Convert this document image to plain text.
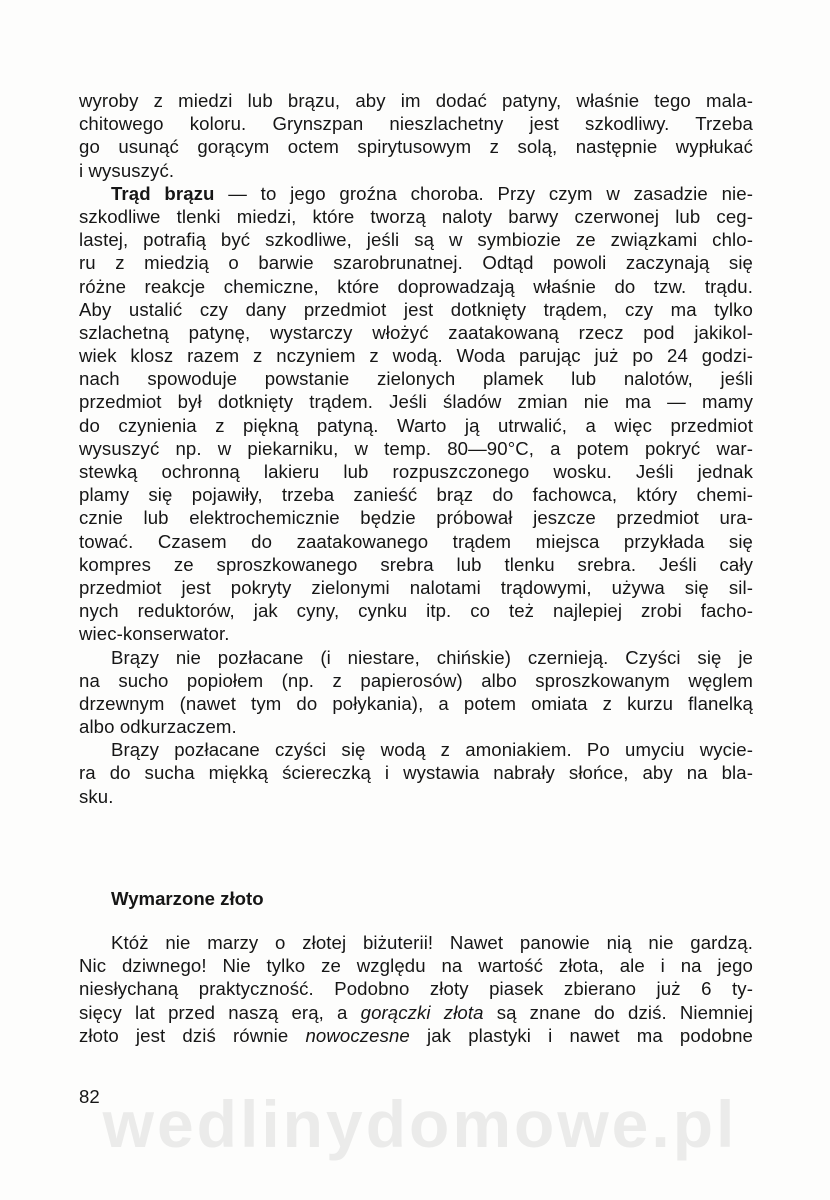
wyroby z miedzi lub brązu, aby im dodać patyny, właśnie tego mala-
chitowego koloru. Grynszpan nieszlachetny jest szkodliwy. Trzeba
go usunąć gorącym octem spirytusowym z solą, następnie wypłukać
i wysuszyć.
Trąd brązu — to jego groźna choroba. Przy czym w zasadzie nie-
szkodliwe tlenki miedzi, które tworzą naloty barwy czerwonej lub ceg-
lastej, potrafią być szkodliwe, jeśli są w symbiozie ze związkami chlo-
ru z miedzią o barwie szarobrunatnej. Odtąd powoli zaczynają się
różne reakcje chemiczne, które doprowadzają właśnie do tzw. trądu.
Aby ustalić czy dany przedmiot jest dotknięty trądem, czy ma tylko
szlachetną patynę, wystarczy włożyć zaatakowaną rzecz pod jakikol-
wiek klosz razem z nczyniem z wodą. Woda parując już po 24 godzi-
nach spowoduje powstanie zielonych plamek lub nalotów, jeśli
przedmiot był dotknięty trądem. Jeśli śladów zmian nie ma — mamy
do czynienia z piękną patyną. Warto ją utrwalić, a więc przedmiot
wysuszyć np. w piekarniku, w temp. 80—90°C, a potem pokryć war-
stewką ochronną lakieru lub rozpuszczonego wosku. Jeśli jednak
plamy się pojawiły, trzeba zanieść brąz do fachowca, który chemi-
cznie lub elektrochemicznie będzie próbował jeszcze przedmiot ura-
tować. Czasem do zaatakowanego trądem miejsca przykłada się
kompres ze sproszkowanego srebra lub tlenku srebra. Jeśli cały
przedmiot jest pokryty zielonymi nalotami trądowymi, używa się sil-
nych reduktorów, jak cyny, cynku itp. co też najlepiej zrobi facho-
wiec-konserwator.
Brązy nie pozłacane (i niestare, chińskie) czernieją. Czyści się je
na sucho popiołem (np. z papierosów) albo sproszkowanym węglem
drzewnym (nawet tym do połykania), a potem omiata z kurzu flanelką
albo odkurzaczem.
Brązy pozłacane czyści się wodą z amoniakiem. Po umyciu wycie-
ra do sucha miękką ściereczką i wystawia nabrały słońce, aby na bla-
sku.
Wymarzone złoto
Któż nie marzy o złotej biżuterii! Nawet panowie nią nie gardzą.
Nic dziwnego! Nie tylko ze względu na wartość złota, ale i na jego
niesłychaną praktyczność. Podobno złoty piasek zbierano już 6 ty-
sięcy lat przed naszą erą, a gorączki złota są znane do dziś. Niemniej
złoto jest dziś równie nowoczesne jak plastyki i nawet ma podobne
wedlinydomowe.pl
82
